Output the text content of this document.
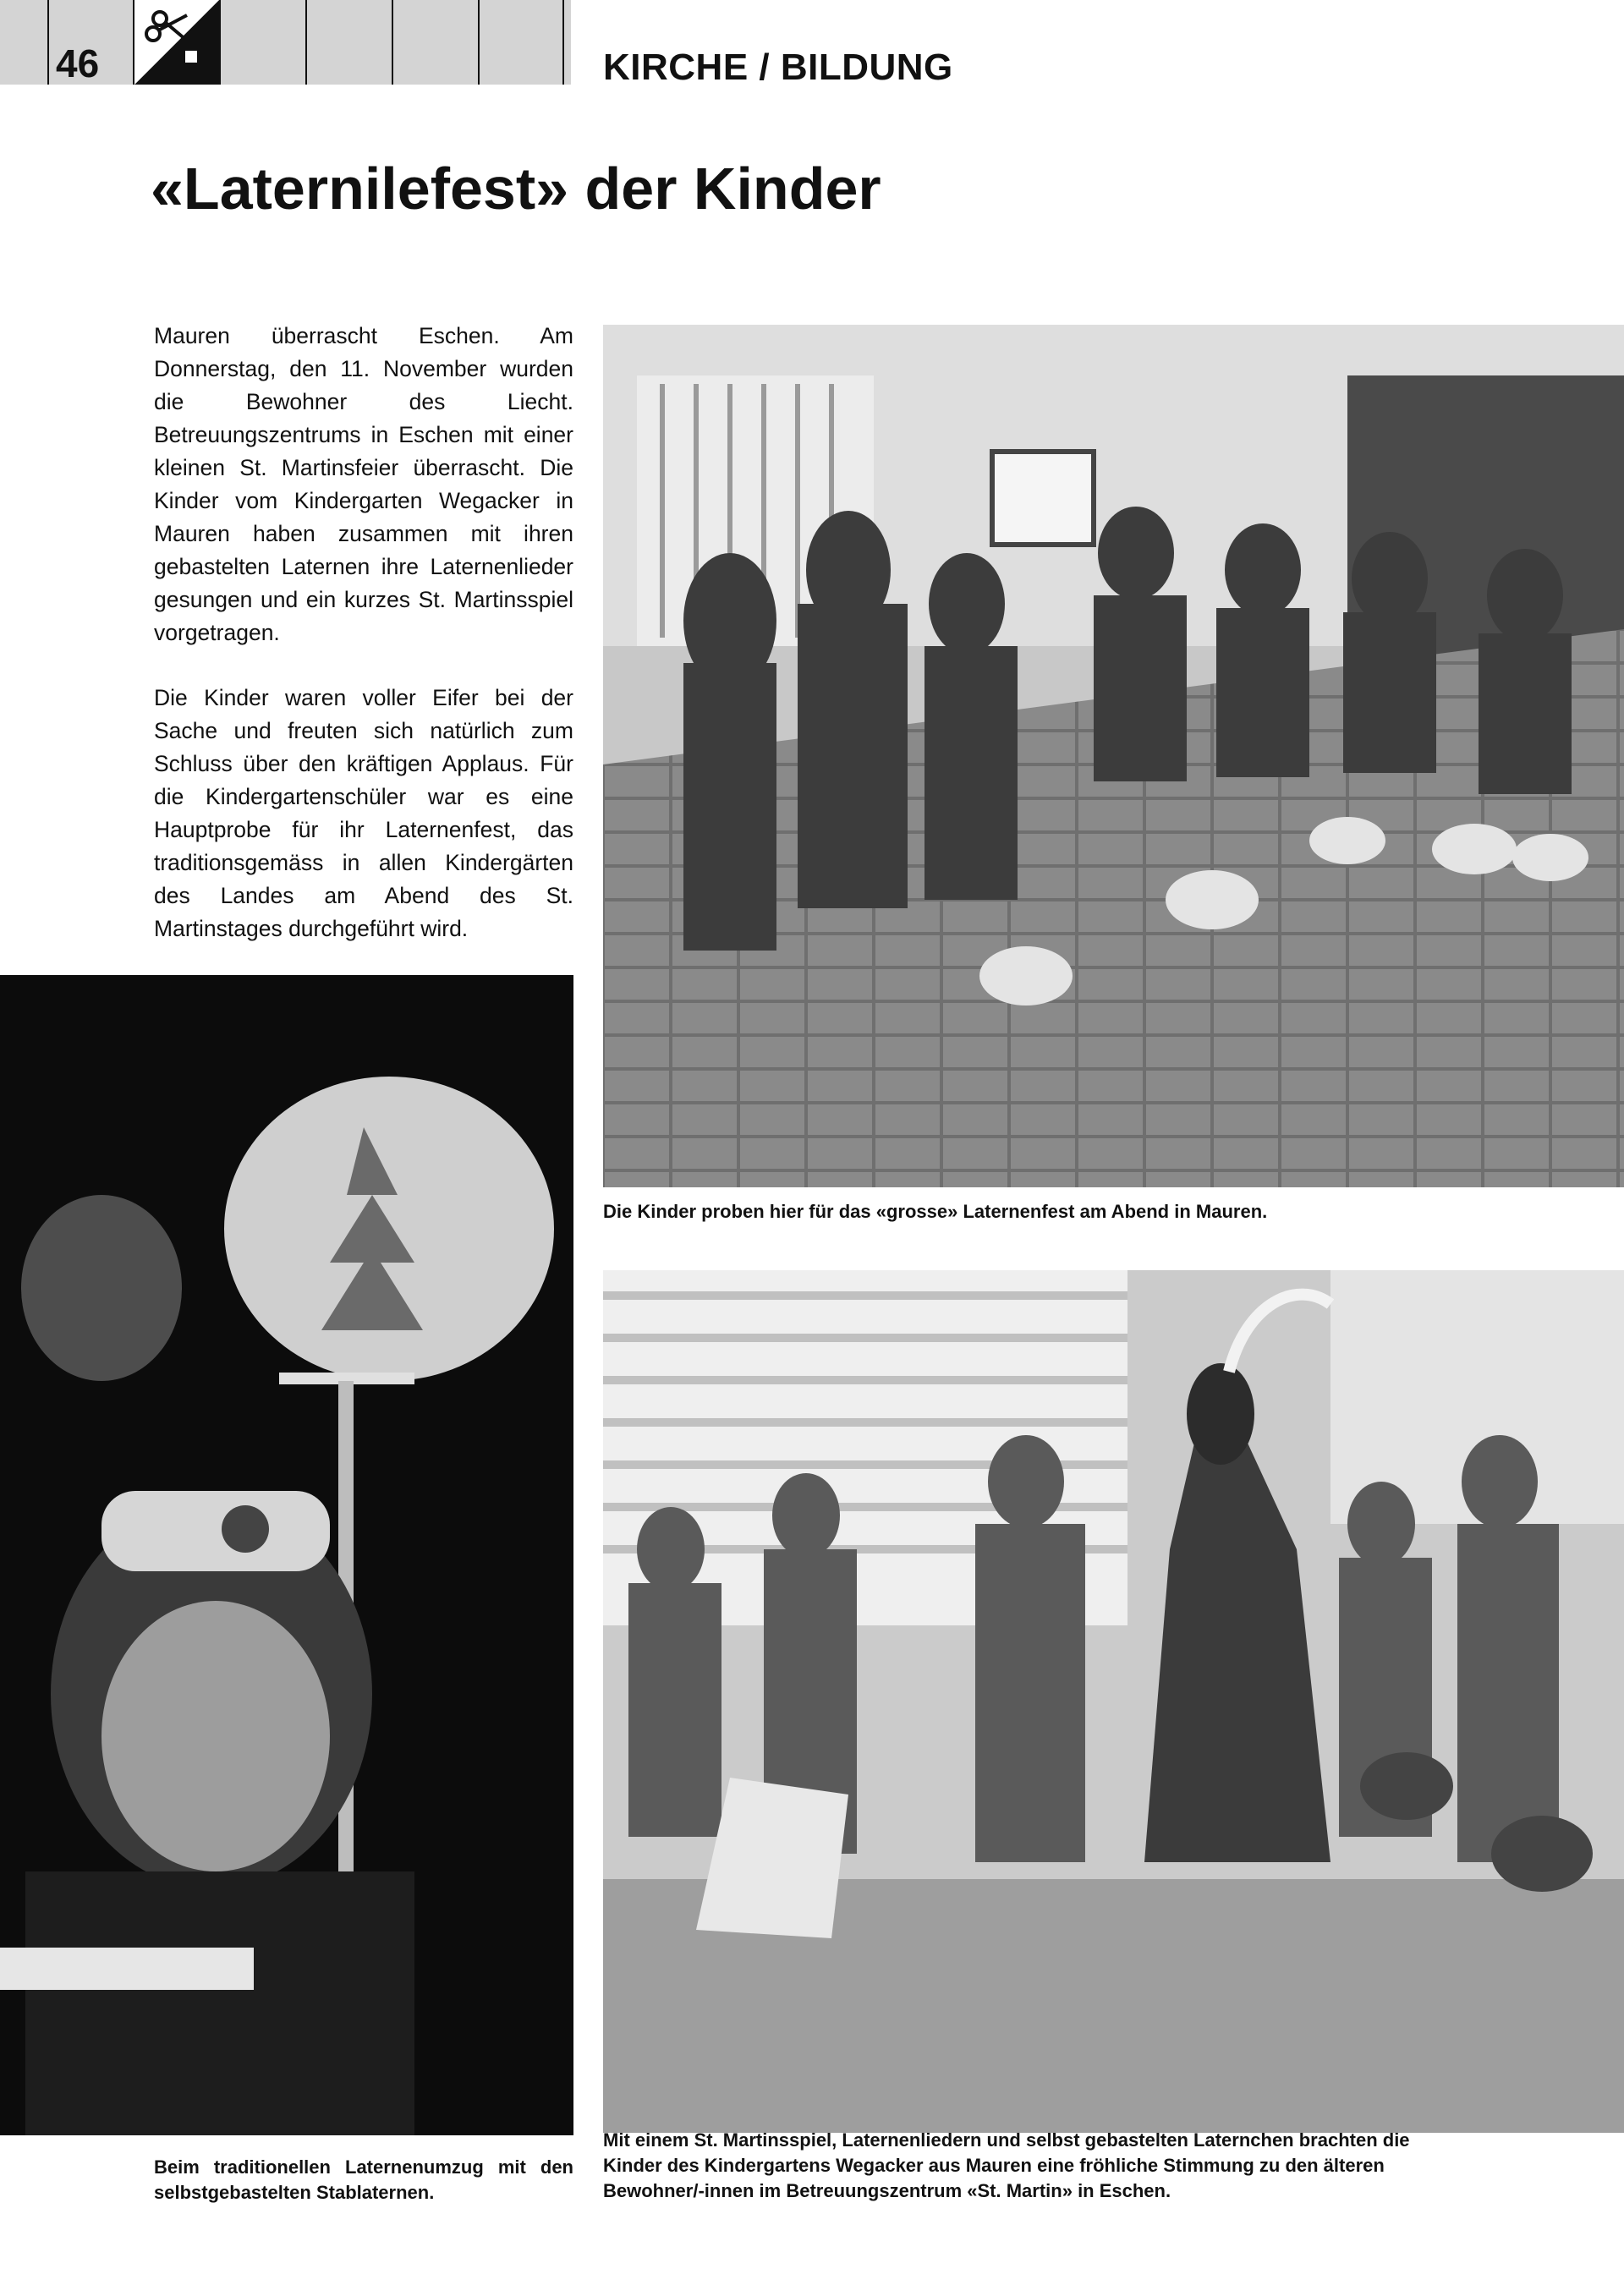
46	KIRCHE / BILDUNG
«Laternilefest» der Kinder

Mauren überrascht Eschen. Am Donnerstag, den 11. November wurden die Bewohner des Liecht. Betreuungszentrums in Eschen mit einer kleinen St. Martinsfeier überrascht. Die Kinder vom Kindergarten Wegacker in Mauren haben zusammen mit ihren gebastelten Laternen ihre Laternenlieder gesungen und ein kurzes St. Martinsspiel vorgetragen.

Die Kinder waren voller Eifer bei der Sache und freuten sich natürlich zum Schluss über den kräftigen Applaus. Für die Kindergartenschüler war es eine Hauptprobe für ihr Laternenfest, das traditionsgemäss in allen Kindergärten des Landes am Abend des St. Martinstages durchgeführt wird.

Die Kinder proben hier für das «grosse» Laternenfest am Abend in Mauren.
Beim traditionellen Laternenumzug mit den selbstgebastelten Stablaternen.
Mit einem St. Martinsspiel, Laternenliedern und selbst gebastelten Laternchen brachten die Kinder des Kindergartens Wegacker aus Mauren eine fröhliche Stimmung zu den älteren Bewohner/-innen im Betreuungszentrum «St. Martin» in Eschen.
